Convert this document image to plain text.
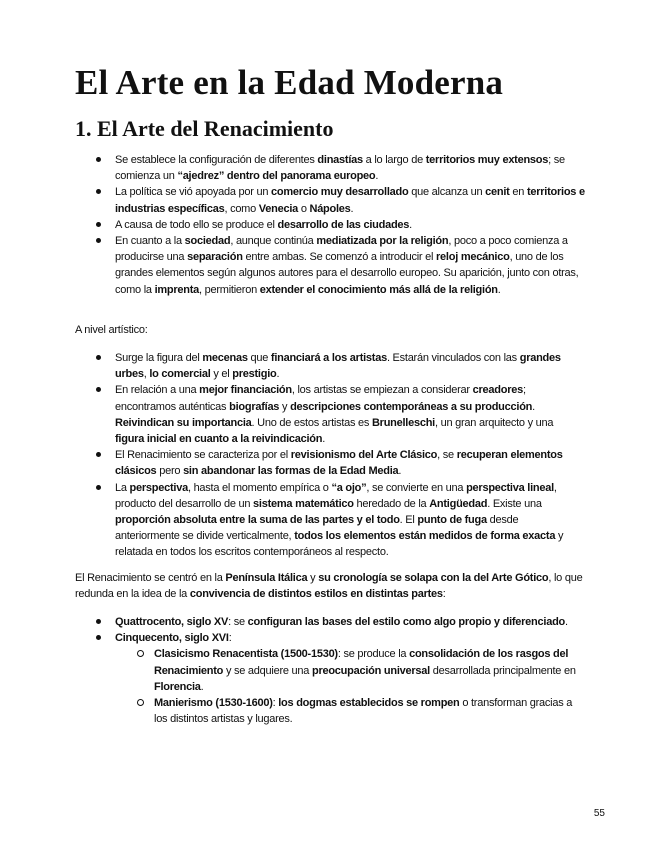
El Arte en la Edad Moderna
1. El Arte del Renacimiento
Se establece la configuración de diferentes dinastías a lo largo de territorios muy extensos; se comienza un “ajedrez” dentro del panorama europeo.
La política se vió apoyada por un comercio muy desarrollado que alcanza un cenit en territorios e industrias específicas, como Venecia o Nápoles.
A causa de todo ello se produce el desarrollo de las ciudades.
En cuanto a la sociedad, aunque continúa mediatizada por la religión, poco a poco comienza a producirse una separación entre ambas. Se comenzó a introducir el reloj mecánico, uno de los grandes elementos según algunos autores para el desarrollo europeo. Su aparición, junto con otras, como la imprenta, permitieron extender el conocimiento más allá de la religión.

A nivel artístico:

Surge la figura del mecenas que financiará a los artistas. Estarán vinculados con las grandes urbes, lo comercial y el prestigio.
En relación a una mejor financiación, los artistas se empiezan a considerar creadores; encontramos auténticas biografías y descripciones contemporáneas a su producción. Reivindican su importancia. Uno de estos artistas es Brunelleschi, un gran arquitecto y una figura inicial en cuanto a la reivindicación.
El Renacimiento se caracteriza por el revisionismo del Arte Clásico, se recuperan elementos clásicos pero sin abandonar las formas de la Edad Media.
La perspectiva, hasta el momento empírica o “a ojo”, se convierte en una perspectiva lineal, producto del desarrollo de un sistema matemático heredado de la Antigüedad. Existe una proporción absoluta entre la suma de las partes y el todo. El punto de fuga desde anteriormente se divide verticalmente, todos los elementos están medidos de forma exacta y relatada en todos los escritos contemporáneos al respecto.

El Renacimiento se centró en la Península Itálica y su cronología se solapa con la del Arte Gótico, lo que redunda en la idea de la convivencia de distintos estilos en distintas partes:

Quattrocento, siglo XV: se configuran las bases del estilo como algo propio y diferenciado.
Cinquecento, siglo XVI:
Clasicismo Renacentista (1500-1530): se produce la consolidación de los rasgos del Renacimiento y se adquiere una preocupación universal desarrollada principalmente en Florencia.
Manierismo (1530-1600): los dogmas establecidos se rompen o transforman gracias a los distintos artistas y lugares.
55
